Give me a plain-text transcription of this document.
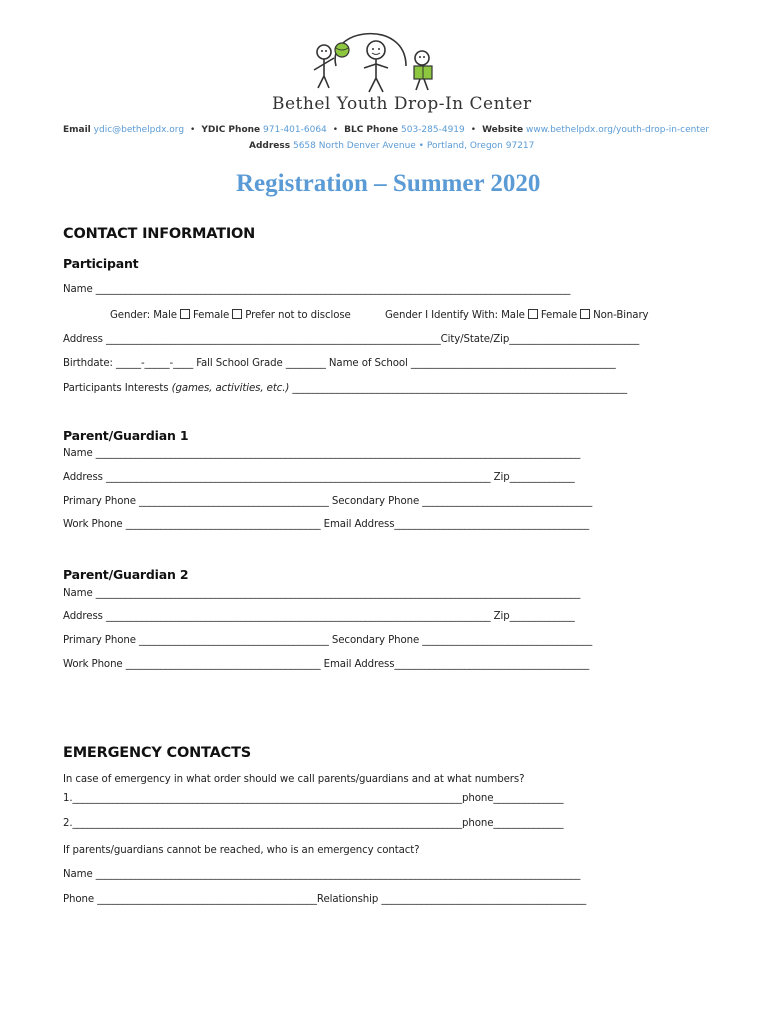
Bethel Youth Drop-In Center
Email ydic@bethelpdx.org • YDIC Phone 971-401-6064 • BLC Phone 503-285-4919 • Website www.bethelpdx.org/youth-drop-in-center
Address 5658 North Denver Avenue • Portland, Oregon 97217
Registration – Summer 2020
CONTACT INFORMATION
Participant
Name _______________________________________________________________________________________________
Gender: Male Female Prefer not to disclose	Gender I Identify With: Male Female Non-Binary
Address ___________________________________________________________________City/State/Zip__________________________
Birthdate: _____-_____-____ Fall School Grade ________ Name of School _________________________________________
Participants Interests (games, activities, etc.) ___________________________________________________________________
Parent/Guardian 1
Name _________________________________________________________________________________________________
Address _____________________________________________________________________________ Zip_____________
Primary Phone ______________________________________ Secondary Phone __________________________________
Work Phone _______________________________________ Email Address_______________________________________
Parent/Guardian 2
Name _________________________________________________________________________________________________
Address _____________________________________________________________________________ Zip_____________
Primary Phone ______________________________________ Secondary Phone __________________________________
Work Phone _______________________________________ Email Address_______________________________________
EMERGENCY CONTACTS
In case of emergency in what order should we call parents/guardians and at what numbers?
1.______________________________________________________________________________phone______________
2.______________________________________________________________________________phone______________
If parents/guardians cannot be reached, who is an emergency contact?
Name _________________________________________________________________________________________________
Phone ____________________________________________Relationship _________________________________________
